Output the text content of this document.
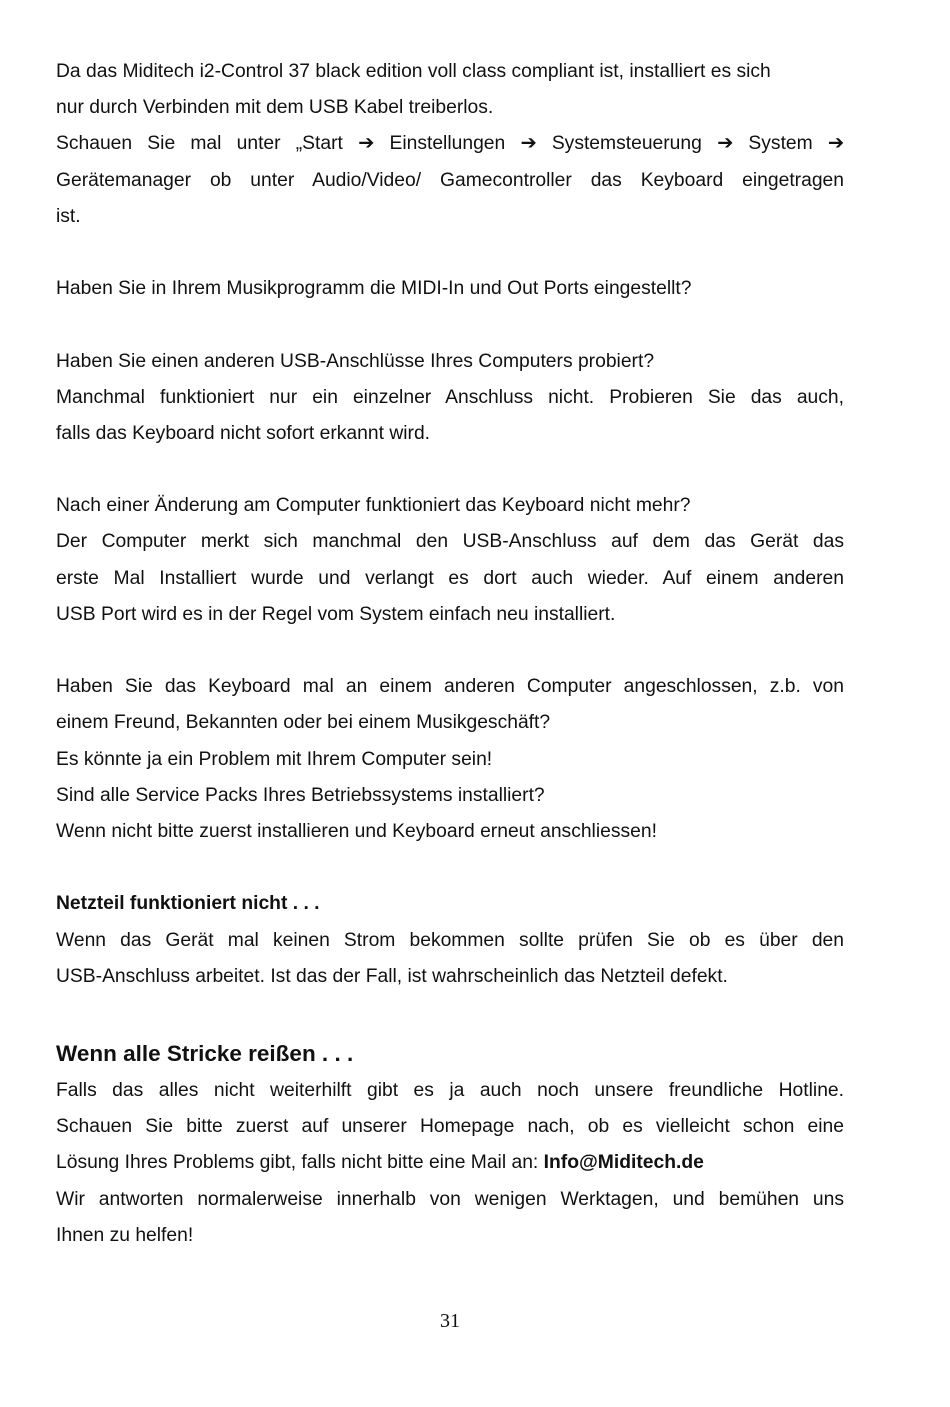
Da das Miditech i2-Control 37 black edition voll class compliant ist, installiert es sich
nur durch Verbinden mit dem USB Kabel treiberlos.
Schauen Sie mal unter „Start ➔ Einstellungen ➔ Systemsteuerung ➔ System ➔
Gerätemanager ob unter Audio/Video/ Gamecontroller das Keyboard eingetragen
ist.
Haben Sie in Ihrem Musikprogramm die MIDI-In und Out Ports eingestellt?
Haben Sie einen anderen USB-Anschlüsse Ihres Computers probiert?
Manchmal funktioniert nur ein einzelner Anschluss nicht. Probieren Sie das auch,
falls das Keyboard nicht sofort erkannt wird.
Nach einer Änderung am Computer funktioniert das Keyboard nicht mehr?
Der Computer merkt sich manchmal den USB-Anschluss auf dem das Gerät das
erste Mal Installiert wurde und verlangt es dort auch wieder. Auf einem anderen
USB Port wird es in der Regel vom System einfach neu installiert.
Haben Sie das Keyboard mal an einem anderen Computer angeschlossen, z.b. von
einem Freund, Bekannten oder bei einem Musikgeschäft?
Es könnte ja ein Problem mit Ihrem Computer sein!
Sind alle Service Packs Ihres Betriebssystems installiert?
Wenn nicht bitte zuerst installieren und Keyboard erneut anschliessen!
Netzteil funktioniert nicht . . .
Wenn das Gerät mal keinen Strom bekommen sollte prüfen Sie ob es über den
USB-Anschluss arbeitet. Ist das der Fall, ist wahrscheinlich das Netzteil defekt.
Wenn alle Stricke reißen . . .
Falls das alles nicht weiterhilft gibt es ja auch noch unsere freundliche Hotline.
Schauen Sie bitte zuerst auf unserer Homepage nach, ob es vielleicht schon eine
Lösung Ihres Problems gibt, falls nicht bitte eine Mail an: Info@Miditech.de
Wir antworten normalerweise innerhalb von wenigen Werktagen, und bemühen uns
Ihnen zu helfen!
31
